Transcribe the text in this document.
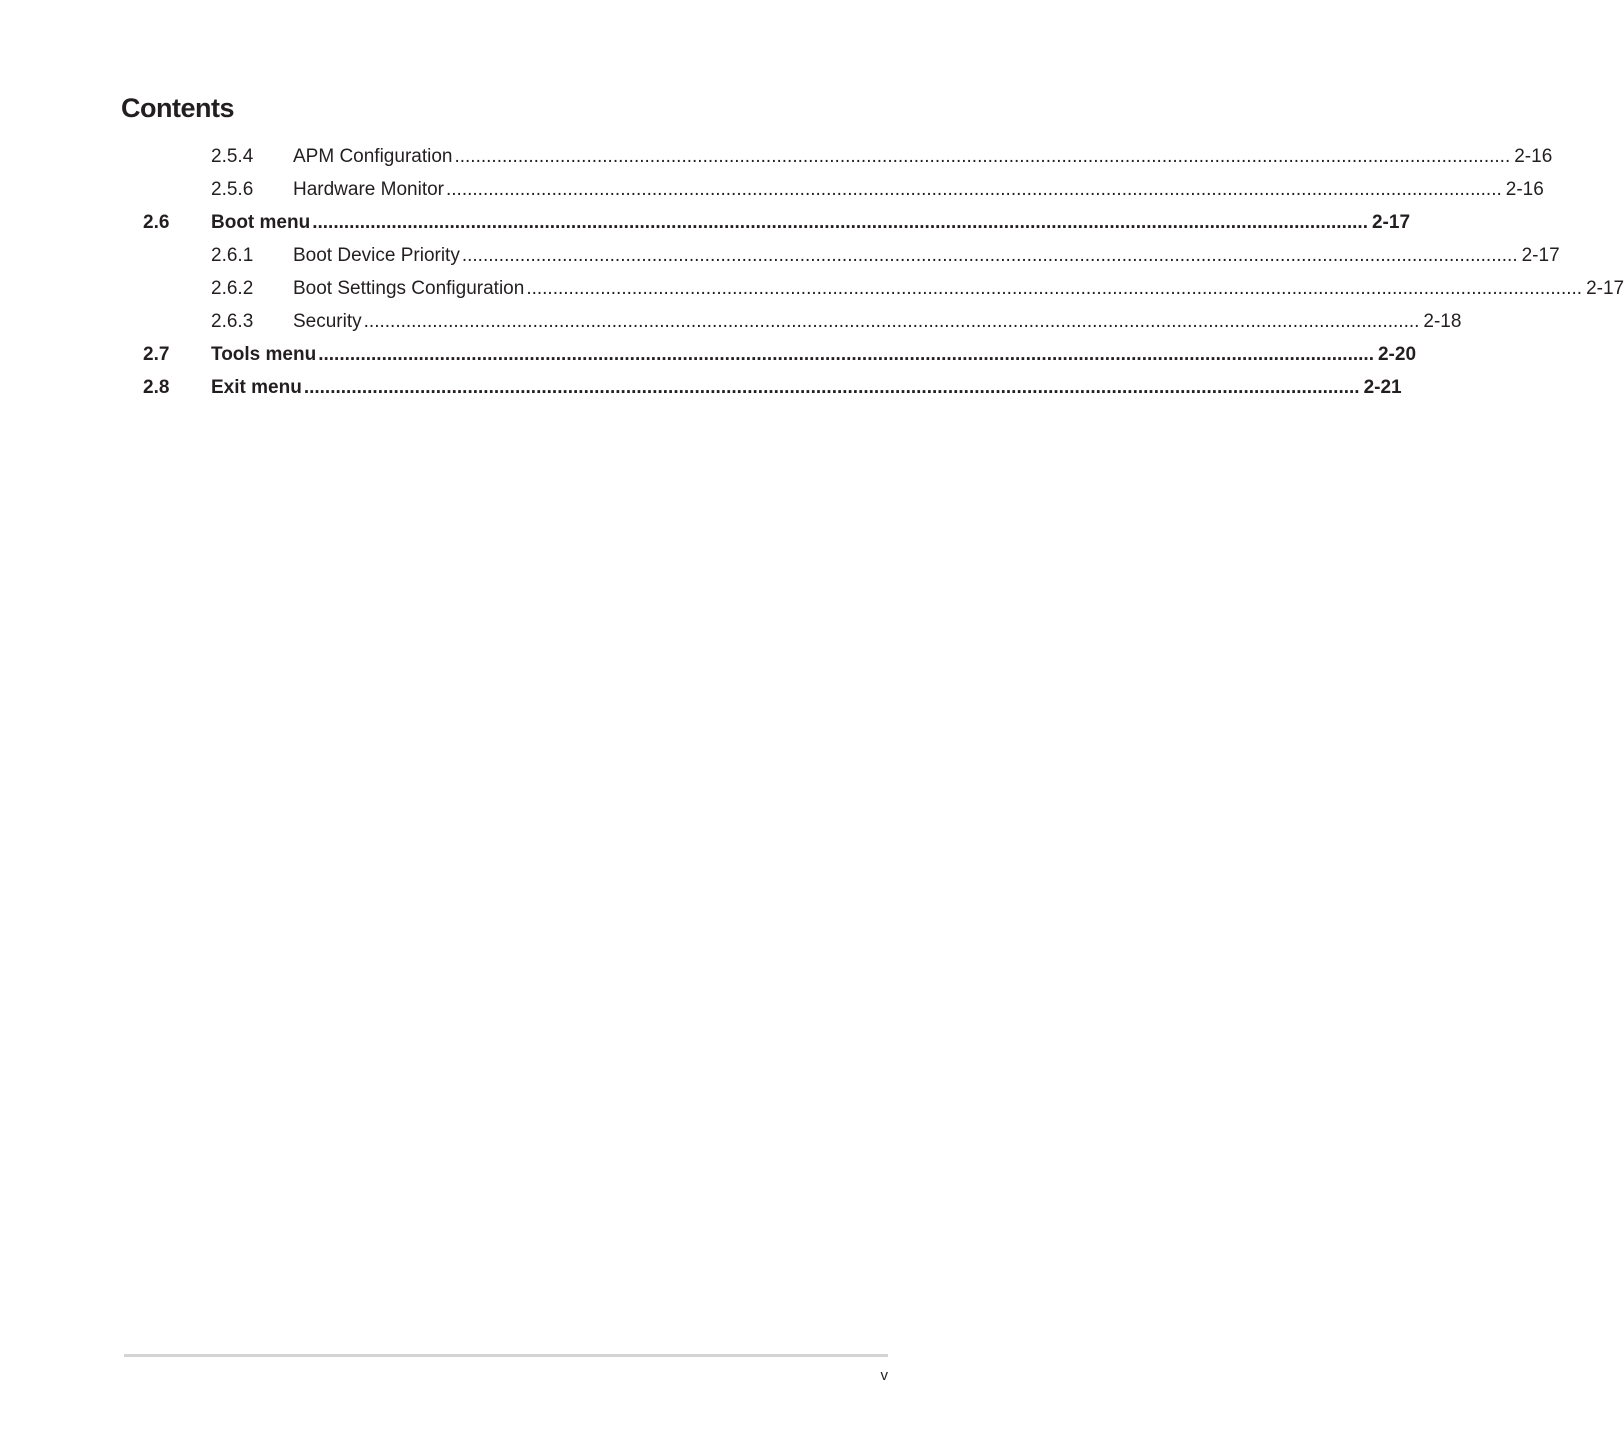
Contents
2.5.4 APM Configuration ........................................................................................................................................................................................................ 2-16
2.5.6 Hardware Monitor ........................................................................................................................................................................................................ 2-16
2.6 Boot menu ........................................................................................................................................................................................................ 2-17
2.6.1 Boot Device Priority ........................................................................................................................................................................................................ 2-17
2.6.2 Boot Settings Configuration ........................................................................................................................................................................................................ 2-17
2.6.3 Security ........................................................................................................................................................................................................ 2-18
2.7 Tools menu ........................................................................................................................................................................................................ 2-20
2.8 Exit menu ........................................................................................................................................................................................................ 2-21
v
